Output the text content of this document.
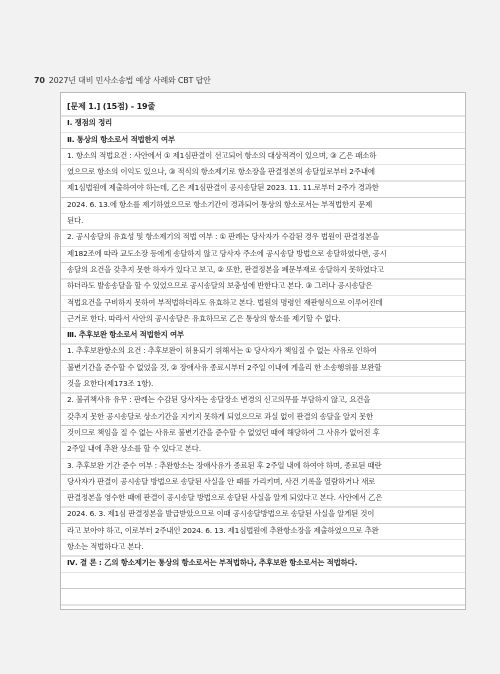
70 2027년 대비 민사소송법 예상 사례와 CBT 답안
[문제 1.] (15점) - 19줄
Ⅰ. 쟁점의 정리
Ⅱ. 통상의 항소로서 적법한지 여부
1. 항소의 적법요건 : 사안에서 ① 제1심판결이 선고되어 항소의 대상적격이 있으며, ③ 乙은 패소하
였으므로 항소의 이익도 있으나, ③ 적식의 항소제기로 항소장을 판결정본의 송달일로부터 2주내에
제1심법원에 제출하여야 하는데, 乙은 제1심판결이 공시송달된 2023. 11. 11.로부터 2주가 경과한
2024. 6. 13.에 항소를 제기하였으므로 항소기간이 경과되어 통상의 항소로서는 부적법한지 문제
된다.
2. 공시송달의 유효성 및 항소제기의 적법 여부 : ① 판례는 당사자가 수감된 경우 법원이 판결정본을
제182조에 따라 교도소장 등에게 송달하지 않고 당사자 주소에 공시송달 방법으로 송달하였다면, 공시
송달의 요건을 갖추지 못한 하자가 있다고 보고, ② 또한, 판결정본을 폐문부재로 송달하지 못하였다고
하더라도 발송송달을 할 수 있었으므로 공시송달의 보충성에 반한다고 본다. ③ 그러나 공시송달은
적법요건을 구비하지 못하여 부적법하더라도 유효하고 본다. 법원의 명령인 재판형식으로 이루어진데
근거로 한다. 따라서 사안의 공시송달은 유효하므로 乙은 통상의 항소를 제기할 수 없다.
Ⅲ. 추후보완 항소로서 적법한지 여부
1. 추후보완항소의 요건 : 추후보완이 허용되기 위해서는 ① 당사자가 책임질 수 없는 사유로 인하여
불변기간을 준수할 수 없었을 것, ② 장애사유 종료시부터 2주일 이내에 게을리 한 소송행위를 보완할
것을 요한다(제173조 1항).
2. 불귀책사유 유무 : 판례는 수감된 당사자는 송달장소 변경의 신고의무를 부담하지 않고, 요건을
갖추지 못한 공시송달로 상소기간을 지키지 못하게 되었으므로 과실 없이 판결의 송달을 알지 못한
것이므로 책임을 질 수 없는 사유로 불변기간을 준수할 수 없었던 때에 해당하여 그 사유가 없어진 후
2주일 내에 추완 상소를 할 수 있다고 본다.
3. 추후보완 기간 준수 여부 : 추완항소는 장애사유가 종료된 후 2주일 내에 하여야 하며, 종료된 때란
당사자가 판결이 공시송달 방법으로 송달된 사실을 안 때를 가리키며, 사건 기록을 열람하거나 새로
판결정본을 영수한 때에 판결이 공시송달 방법으로 송달된 사실을 알게 되었다고 본다. 사안에서 乙은
2024. 6. 3. 제1심 판결정본을 발급받았으므로 이때 공시송달방법으로 송달된 사실을 알게된 것이
라고 보아야 하고, 이로부터 2주내인 2024. 6. 13. 제1심법원에 추완항소장을 제출하였으므로 추완
항소는 적법하다고 본다.
Ⅳ. 결 론 : 乙의 항소제기는 통상의 항소로서는 부적법하나, 추후보완 항소로서는 적법하다.
